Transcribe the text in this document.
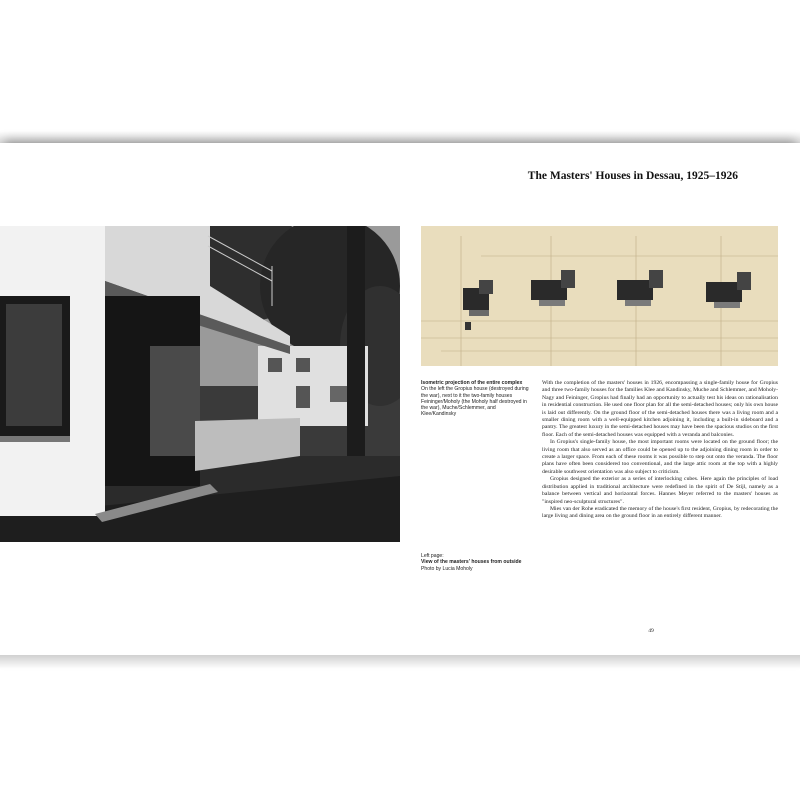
The Masters' Houses in Dessau, 1925–1926
Isometric projection of the entire complex
On the left the Gropius house (destroyed during the war), next to it the two-family houses Feininger/Moholy (the Moholy half destroyed in the war), Muche/Schlemmer, and Klee/Kandinsky
Left page:
View of the masters' houses from outside
Photo by Lucia Moholy

With the completion of the masters' houses in 1926, encompassing a single-family house for Gropius and three two-family houses for the families Klee and Kandinsky, Muche and Schlemmer, and Moholy-Nagy and Feininger, Gropius had finally had an opportunity to actually test his ideas on rationalisation in residential construction. He used one floor plan for all the semi-detached houses; only his own house is laid out differently. On the ground floor of the semi-detached houses there was a living room and a smaller dining room with a well-equipped kitchen adjoining it, including a built-in sideboard and a pantry. The greatest luxury in the semi-detached houses may have been the spacious studios on the first floor. Each of the semi-detached houses was equipped with a veranda and balconies.

In Gropius's single-family house, the most important rooms were located on the ground floor; the living room that also served as an office could be opened up to the adjoining dining room in order to create a larger space. From each of these rooms it was possible to step out onto the veranda. The floor plans have often been considered too conventional, and the large attic room at the top with a highly desirable southwest orientation was also subject to criticism.

Gropius designed the exterior as a series of interlocking cubes. Here again the principles of load distribution applied in traditional architecture were redefined in the spirit of De Stijl, namely as a balance between vertical and horizontal forces. Hannes Meyer referred to the masters' houses as "inspired neo-sculptural structures".

Mies van der Rohe eradicated the memory of the house's first resident, Gropius, by redecorating the large living and dining area on the ground floor in an entirely different manner.

49
